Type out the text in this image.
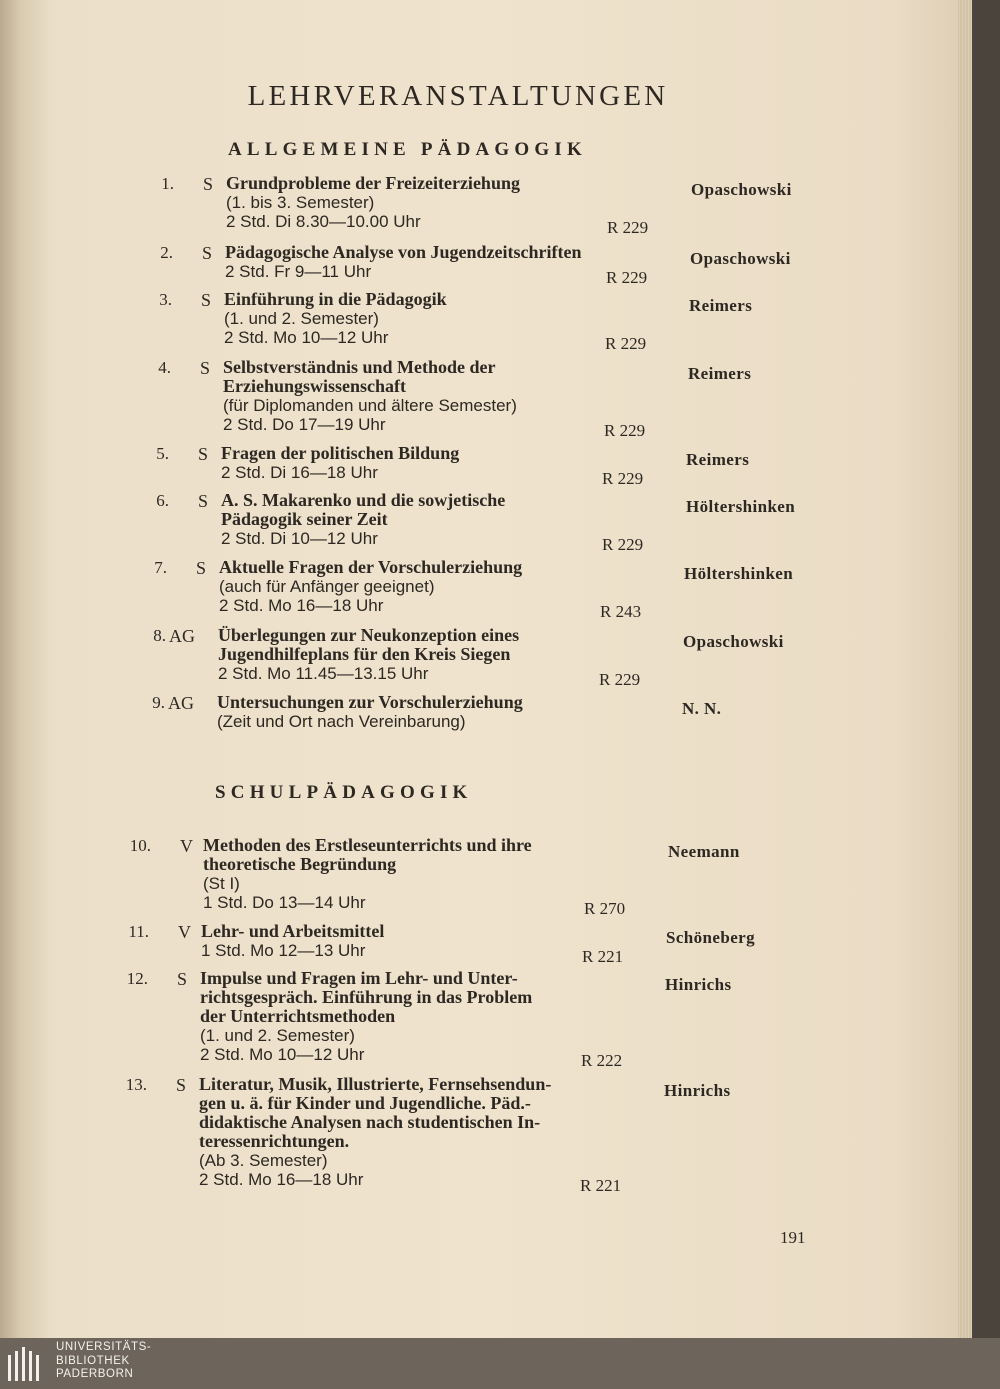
LEHRVERANSTALTUNGEN
ALLGEMEINE PÄDAGOGIK
SCHULPÄDAGOGIK
1. S Grundprobleme der Freizeiterziehung
(1. bis 3. Semester)
2 Std. Di 8.30—10.00 Uhr	R 229
Opaschowski
2. S Pädagogische Analyse von Jugendzeitschriften
2 Std. Fr 9—11 Uhr	R 229
Opaschowski
3. S Einführung in die Pädagogik
(1. und 2. Semester)
2 Std. Mo 10—12 Uhr	R 229
Reimers
4. S Selbstverständnis und Methode der
Erziehungswissenschaft
(für Diplomanden und ältere Semester)
2 Std. Do 17—19 Uhr	R 229
Reimers
5. S Fragen der politischen Bildung
2 Std. Di 16—18 Uhr	R 229
Reimers
6. S A. S. Makarenko und die sowjetische
Pädagogik seiner Zeit
2 Std. Di 10—12 Uhr	R 229
Höltershinken
7. S Aktuelle Fragen der Vorschulerziehung
(auch für Anfänger geeignet)
2 Std. Mo 16—18 Uhr	R 243
Höltershinken
8. AG Überlegungen zur Neukonzeption eines
Jugendhilfeplans für den Kreis Siegen
2 Std. Mo 11.45—13.15 Uhr	R 229
Opaschowski
9. AG Untersuchungen zur Vorschulerziehung
(Zeit und Ort nach Vereinbarung)
N. N.
10. V Methoden des Erstleseunterrichts und ihre
theoretische Begründung
(St I)
1 Std. Do 13—14 Uhr	R 270
Neemann
11. V Lehr- und Arbeitsmittel
1 Std. Mo 12—13 Uhr	R 221
Schöneberg
12. S Impulse und Fragen im Lehr- und Unter-
richtsgespräch. Einführung in das Problem
der Unterrichtsmethoden
(1. und 2. Semester)
2 Std. Mo 10—12 Uhr	R 222
Hinrichs
13. S Literatur, Musik, Illustrierte, Fernsehsendun-
gen u. ä. für Kinder und Jugendliche. Päd.-
didaktische Analysen nach studentischen In-
teressenrichtungen.
(Ab 3. Semester)
2 Std. Mo 16—18 Uhr	R 221
Hinrichs
191
UNIVERSITÄTS-
BIBLIOTHEK
PADERBORN
